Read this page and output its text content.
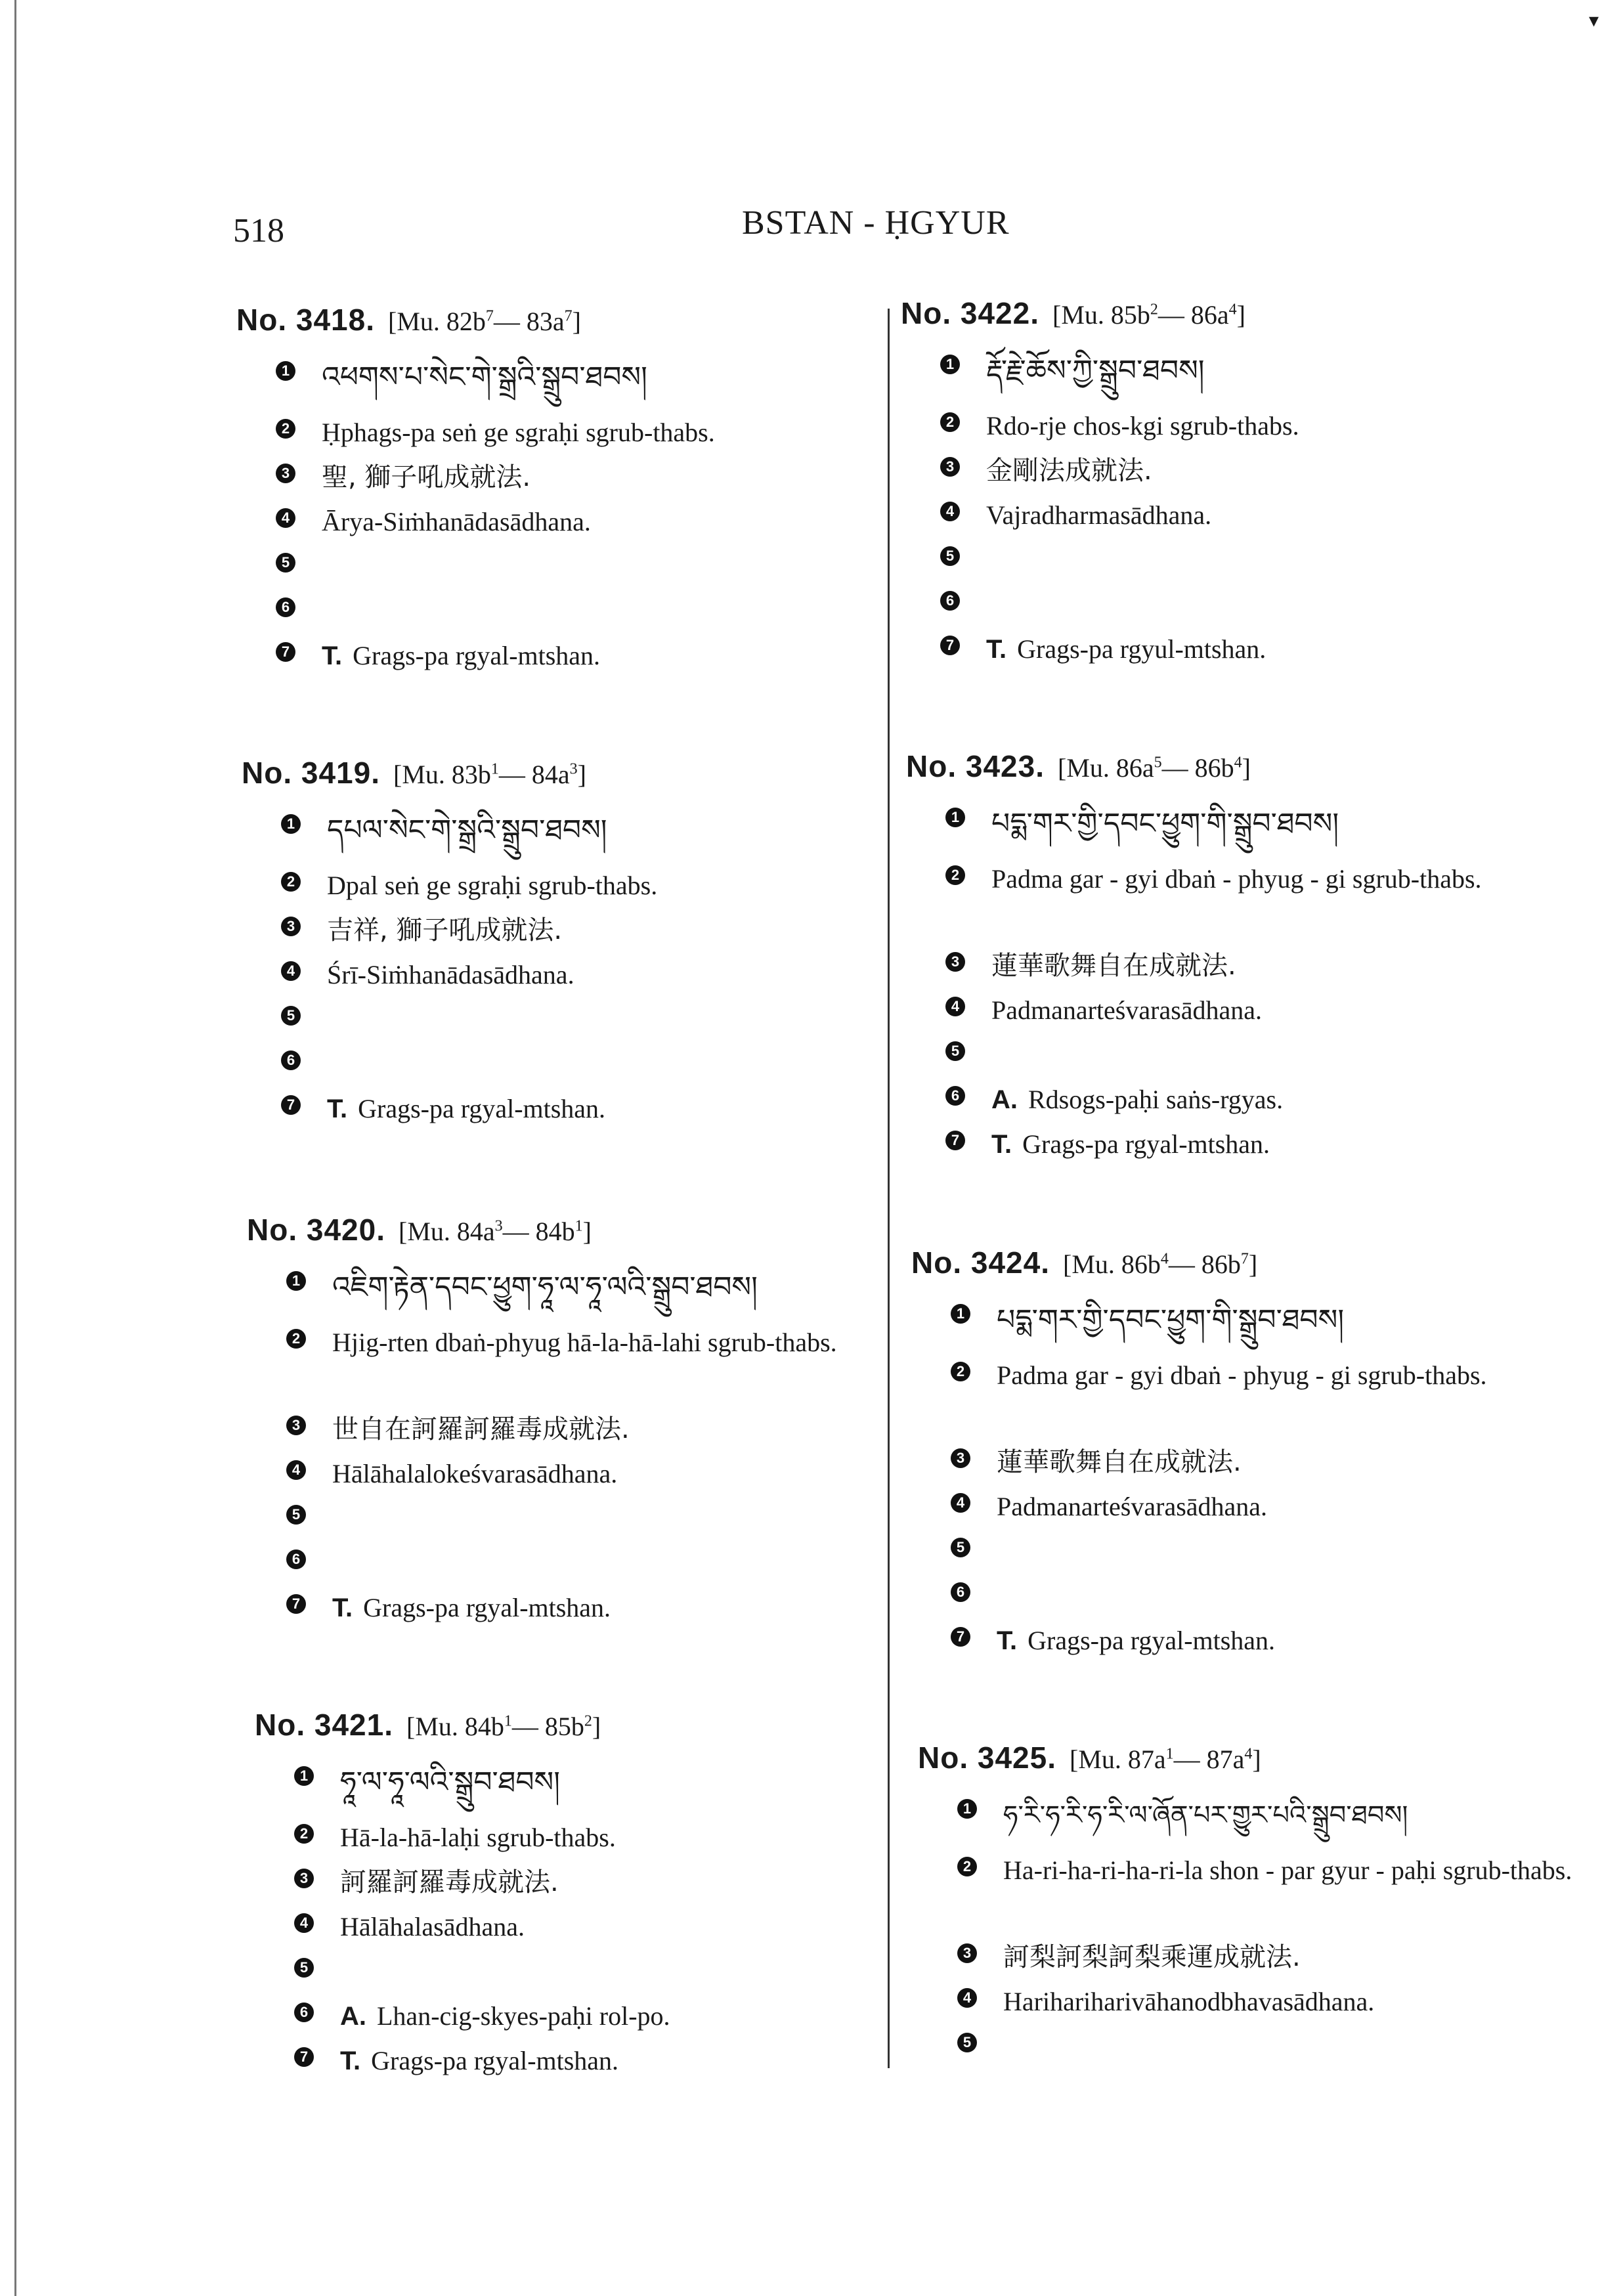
▾
518	BSTAN - ḤGYUR
No. 3418. [Mu. $82b^7—$ $83a^7$]
1 འཕགས་པ་སེང་གེ་སྒྲའི་སྒྲུབ་ཐབས།
2 Ḥphags-pa seṅ ge sgraḥi sgrub-thabs.
3 聖, 獅子吼成就法.
4 Ārya-Siṁhanādasādhana.
5
6
7 T. Grags-pa rgyal-mtshan.
No. 3419. [Mu. $83b^1—$ $84a^3$]
1 དཔལ་སེང་གེ་སྒྲའི་སྒྲུབ་ཐབས།
2 Dpal seṅ ge sgraḥi sgrub-thabs.
3 吉祥, 獅子吼成就法.
4 Śrī-Siṁhanādasādhana.
5
6
7 T. Grags-pa rgyal-mtshan.
No. 3420. [Mu. $84a^3—$ $84b^1$]
1 འཇིག་རྟེན་དབང་ཕྱུག་ཧཱ་ལ་ཧཱ་ལའི་སྒྲུབ་ཐབས།
2 Hjig-rten dbaṅ-phyug hā-la-hā-lahi sgrub-thabs.
3 世自在訶羅訶羅毒成就法.
4 Hālāhalalokeśvarasādhana.
5
6
7 T. Grags-pa rgyal-mtshan.
No. 3421. [Mu. $84b^1—$ $85b^2$]
1 ཧཱ་ལ་ཧཱ་ལའི་སྒྲུབ་ཐབས།
2 Hā-la-hā-laḥi sgrub-thabs.
3 訶羅訶羅毒成就法.
4 Hālāhalasādhana.
5
6 A. Lhan-cig-skyes-paḥi rol-po.
7 T. Grags-pa rgyal-mtshan.
No. 3422. [Mu. $85b^2—$ $86a^4$]
1 རྡོ་རྗེ་ཆོས་ཀྱི་སྒྲུབ་ཐབས།
2 Rdo-rje chos-kgi sgrub-thabs.
3 金剛法成就法.
4 Vajradharmasādhana.
5
6
7 T. Grags-pa rgyul-mtshan.
No. 3423. [Mu. $86a^5—$ $86b^4$]
1 པདྨ་གར་གྱི་དབང་ཕྱུག་གི་སྒྲུབ་ཐབས།
2 Padma gar - gyi dbaṅ - phyug - gi sgrub-thabs.
3 蓮華歌舞自在成就法.
4 Padmanarteśvarasādhana.
5
6 A. Rdsogs-paḥi saṅs-rgyas.
7 T. Grags-pa rgyal-mtshan.
No. 3424. [Mu. $86b^4—$ $86b^7$]
1 པདྨ་གར་གྱི་དབང་ཕྱུག་གི་སྒྲུབ་ཐབས།
2 Padma gar - gyi dbaṅ - phyug - gi sgrub-thabs.
3 蓮華歌舞自在成就法.
4 Padmanarteśvarasādhana.
5
6
7 T. Grags-pa rgyal-mtshan.
No. 3425. [Mu. $87a^1—$ $87a^4$]
1 ཧ་རི་ཧ་རི་ཧ་རི་ལ་ཞོན་པར་གྱུར་པའི་སྒྲུབ་ཐབས།
2 Ha-ri-ha-ri-ha-ri-la shon - par gyur - paḥi sgrub-thabs.
3 訶梨訶梨訶梨乘運成就法.
4 Harihariharivāhanodbhavasādhana.
5
